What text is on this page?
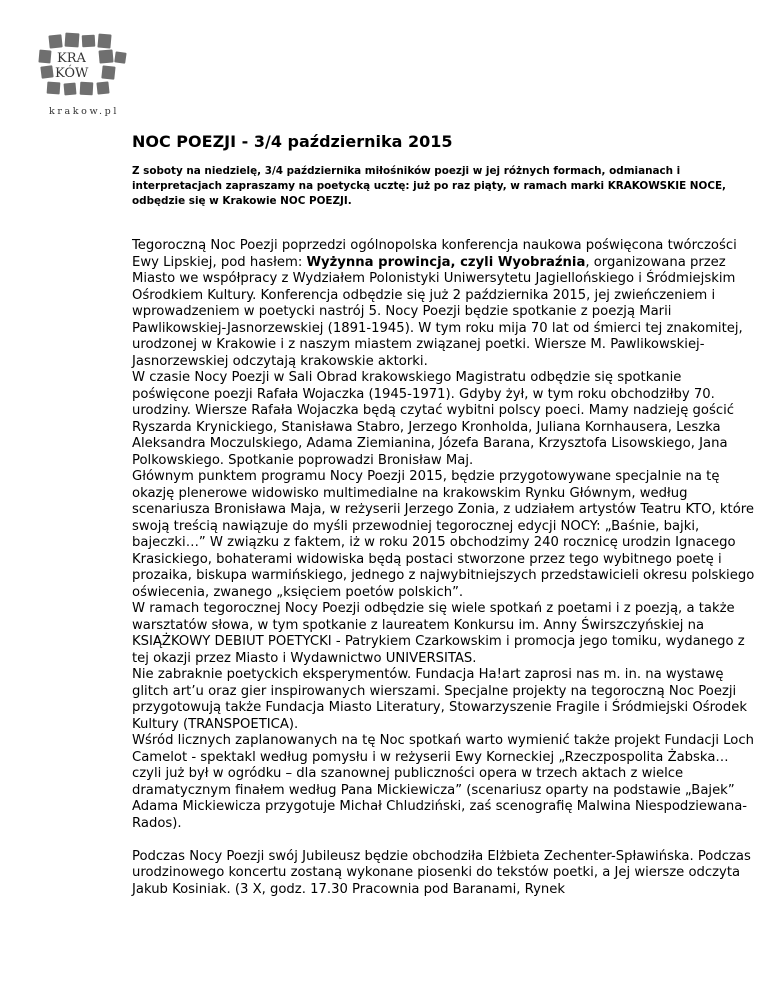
KRA
KÓW
krakow.pl
NOC POEZJI - 3/4 października 2015

Z soboty na niedzielę, 3/4 października miłośników poezji w jej różnych formach, odmianach i interpretacjach zapraszamy na poetycką ucztę: już po raz piąty, w ramach marki KRAKOWSKIE NOCE, odbędzie się w Krakowie NOC POEZJI.

Tegoroczną Noc Poezji poprzedzi ogólnopolska konferencja naukowa poświęcona twórczości Ewy Lipskiej, pod hasłem: Wyżynna prowincja, czyli Wyobraźnia, organizowana przez Miasto we współpracy z Wydziałem Polonistyki Uniwersytetu Jagiellońskiego i Śródmiejskim Ośrodkiem Kultury. Konferencja odbędzie się już 2 października 2015, jej zwieńczeniem i wprowadzeniem w poetycki nastrój 5. Nocy Poezji będzie spotkanie z poezją Marii Pawlikowskiej-Jasnorzewskiej (1891-1945). W tym roku mija 70 lat od śmierci tej znakomitej, urodzonej w Krakowie i z naszym miastem związanej poetki. Wiersze M. Pawlikowskiej-Jasnorzewskiej odczytają krakowskie aktorki.

W czasie Nocy Poezji w Sali Obrad krakowskiego Magistratu odbędzie się spotkanie poświęcone poezji Rafała Wojaczka (1945-1971). Gdyby żył, w tym roku obchodziłby 70. urodziny. Wiersze Rafała Wojaczka będą czytać wybitni polscy poeci. Mamy nadzieję gościć Ryszarda Krynickiego, Stanisława Stabro, Jerzego Kronholda, Juliana Kornhausera, Leszka Aleksandra Moczulskiego, Adama Ziemianina, Józefa Barana, Krzysztofa Lisowskiego, Jana Polkowskiego. Spotkanie poprowadzi Bronisław Maj.

Głównym punktem programu Nocy Poezji 2015, będzie przygotowywane specjalnie na tę okazję plenerowe widowisko multimedialne na krakowskim Rynku Głównym, według scenariusza Bronisława Maja, w reżyserii Jerzego Zonia, z udziałem artystów Teatru KTO, które swoją treścią nawiązuje do myśli przewodniej tegorocznej edycji NOCY: „Baśnie, bajki, bajeczki…” W związku z faktem, iż w roku 2015 obchodzimy 240 rocznicę urodzin Ignacego Krasickiego, bohaterami widowiska będą postaci stworzone przez tego wybitnego poetę i prozaika, biskupa warmińskiego, jednego z najwybitniejszych przedstawicieli okresu polskiego oświecenia, zwanego „księciem poetów polskich”.

W ramach tegorocznej Nocy Poezji odbędzie się wiele spotkań z poetami i z poezją, a także warsztatów słowa, w tym spotkanie z laureatem Konkursu im. Anny Świrszczyńskiej na KSIĄŻKOWY DEBIUT POETYCKI - Patrykiem Czarkowskim i promocja jego tomiku, wydanego z tej okazji przez Miasto i Wydawnictwo UNIVERSITAS.

Nie zabraknie poetyckich eksperymentów. Fundacja Ha!art zaprosi nas m. in. na wystawę glitch art’u oraz gier inspirowanych wierszami. Specjalne projekty na tegoroczną Noc Poezji przygotowują także Fundacja Miasto Literatury, Stowarzyszenie Fragile i Śródmiejski Ośrodek Kultury (TRANSPOETICA).

Wśród licznych zaplanowanych na tę Noc spotkań warto wymienić także projekt Fundacji Loch Camelot - spektakl według pomysłu i w reżyserii Ewy Korneckiej „Rzeczpospolita Żabska… czyli już był w ogródku – dla szanownej publiczności opera w trzech aktach z wielce dramatycznym finałem według Pana Mickiewicza” (scenariusz oparty na podstawie „Bajek” Adama Mickiewicza przygotuje Michał Chludziński, zaś scenografię Malwina Niespodziewana-Rados).

Podczas Nocy Poezji swój Jubileusz będzie obchodziła Elżbieta Zechenter-Spławińska. Podczas urodzinowego koncertu zostaną wykonane piosenki do tekstów poetki, a Jej wiersze odczyta Jakub Kosiniak. (3 X, godz. 17.30 Pracownia pod Baranami, Rynek
